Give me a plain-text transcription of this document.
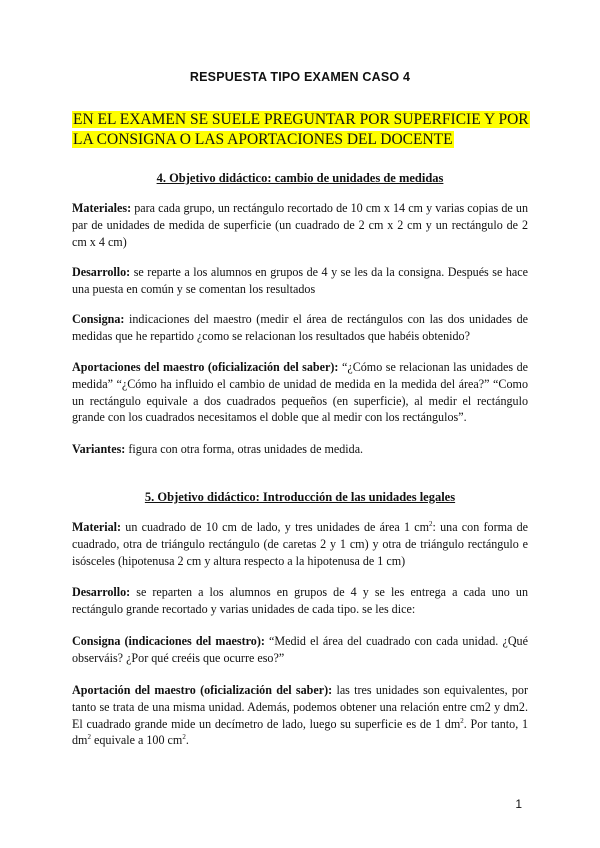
RESPUESTA TIPO EXAMEN CASO 4
EN EL EXAMEN SE SUELE PREGUNTAR POR SUPERFICIE Y POR LA CONSIGNA O LAS APORTACIONES DEL DOCENTE
4. Objetivo didáctico: cambio de unidades de medidas
Materiales: para cada grupo, un rectángulo recortado de 10 cm x 14 cm y varias copias de un par de unidades de medida de superficie (un cuadrado de 2 cm x 2 cm y un rectángulo de 2 cm x 4 cm)
Desarrollo: se reparte a los alumnos en grupos de 4 y se les da la consigna. Después se hace una puesta en común y se comentan los resultados
Consigna: indicaciones del maestro (medir el área de rectángulos con las dos unidades de medidas que he repartido ¿como se relacionan los resultados que habéis obtenido?
Aportaciones del maestro (oficialización del saber): “¿Cómo se relacionan las unidades de medida” “¿Cómo ha influido el cambio de unidad de medida en la medida del área?” “Como un rectángulo equivale a dos cuadrados pequeños (en superficie), al medir el rectángulo grande con los cuadrados necesitamos el doble que al medir con los rectángulos”.
Variantes: figura con otra forma, otras unidades de medida.
5. Objetivo didáctico: Introducción de las unidades legales
Material: un cuadrado de 10 cm de lado, y tres unidades de área 1 $cm^2$: una con forma de cuadrado, otra de triángulo rectángulo (de caretas 2 y 1 cm) y otra de triángulo rectángulo e isósceles (hipotenusa 2 cm y altura respecto a la hipotenusa de 1 cm)
Desarrollo: se reparten a los alumnos en grupos de 4 y se les entrega a cada uno un rectángulo grande recortado y varias unidades de cada tipo. se les dice:
Consigna (indicaciones del maestro): “Medid el área del cuadrado con cada unidad. ¿Qué observáis? ¿Por qué creéis que ocurre eso?”
Aportación del maestro (oficialización del saber): las tres unidades son equivalentes, por tanto se trata de una misma unidad. Además, podemos obtener una relación entre cm2 y dm2. El cuadrado grande mide un decímetro de lado, luego su superficie es de 1 $dm^2$. Por tanto, 1 $dm^2$ equivale a 100 $cm^2$.
1
